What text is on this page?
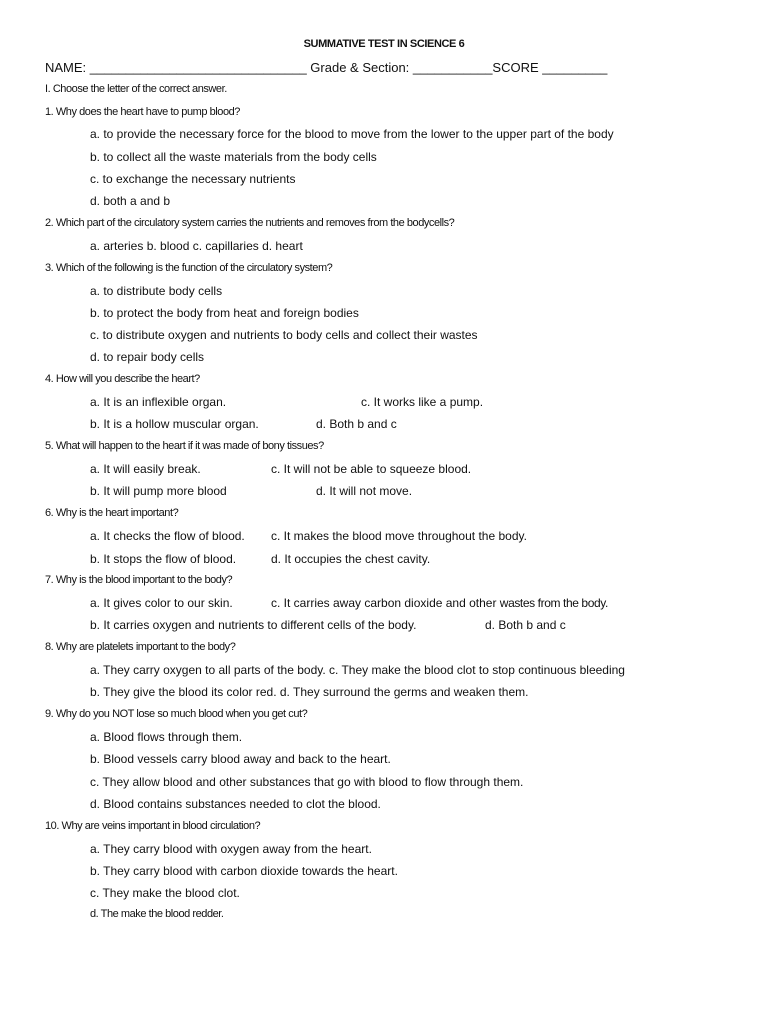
SUMMATIVE TEST IN SCIENCE 6
NAME: ______________________________ Grade & Section: ___________SCORE _________
I. Choose the letter of the correct answer.
1. Why does the heart have to pump blood?
a. to provide the necessary force for the blood to move from the lower to the upper part of the body
b. to collect all the waste materials from the body cells
c. to exchange the necessary nutrients
d. both a and b
2. Which part of the circulatory system carries the nutrients and removes from the bodycells?
a. arteries b. blood c. capillaries d. heart
3. Which of the following is the function of the circulatory system?
a. to distribute body cells
b. to protect the body from heat and foreign bodies
c. to distribute oxygen and nutrients to body cells and collect their wastes
d. to repair body cells
4. How will you describe the heart?
a. It is an inflexible organ.	c. It works like a pump.
b. It is a hollow muscular organ.	d. Both b and c
5. What will happen to the heart if it was made of bony tissues?
a. It will easily break.	c. It will not be able to squeeze blood.
b. It will pump more blood	d. It will not move.
6. Why is the heart important?
a. It checks the flow of blood. c. It makes the blood move throughout the body.
b. It stops the flow of blood.	d. It occupies the chest cavity.
7. Why is the blood important to the body?
a. It gives color to our skin.	c. It carries away carbon dioxide and other wastes from the body.
b. It carries oxygen and nutrients to different cells of the body.	d. Both b and c
8. Why are platelets important to the body?
a. They carry oxygen to all parts of the body. c. They make the blood clot to stop continuous bleeding
b. They give the blood its color red. d. They surround the germs and weaken them.
9. Why do you NOT lose so much blood when you get cut?
a. Blood flows through them.
b. Blood vessels carry blood away and back to the heart.
c. They allow blood and other substances that go with blood to flow through them.
d. Blood contains substances needed to clot the blood.
10. Why are veins important in blood circulation?
a. They carry blood with oxygen away from the heart.
b. They carry blood with carbon dioxide towards the heart.
c. They make the blood clot.
d. The make the blood redder.
